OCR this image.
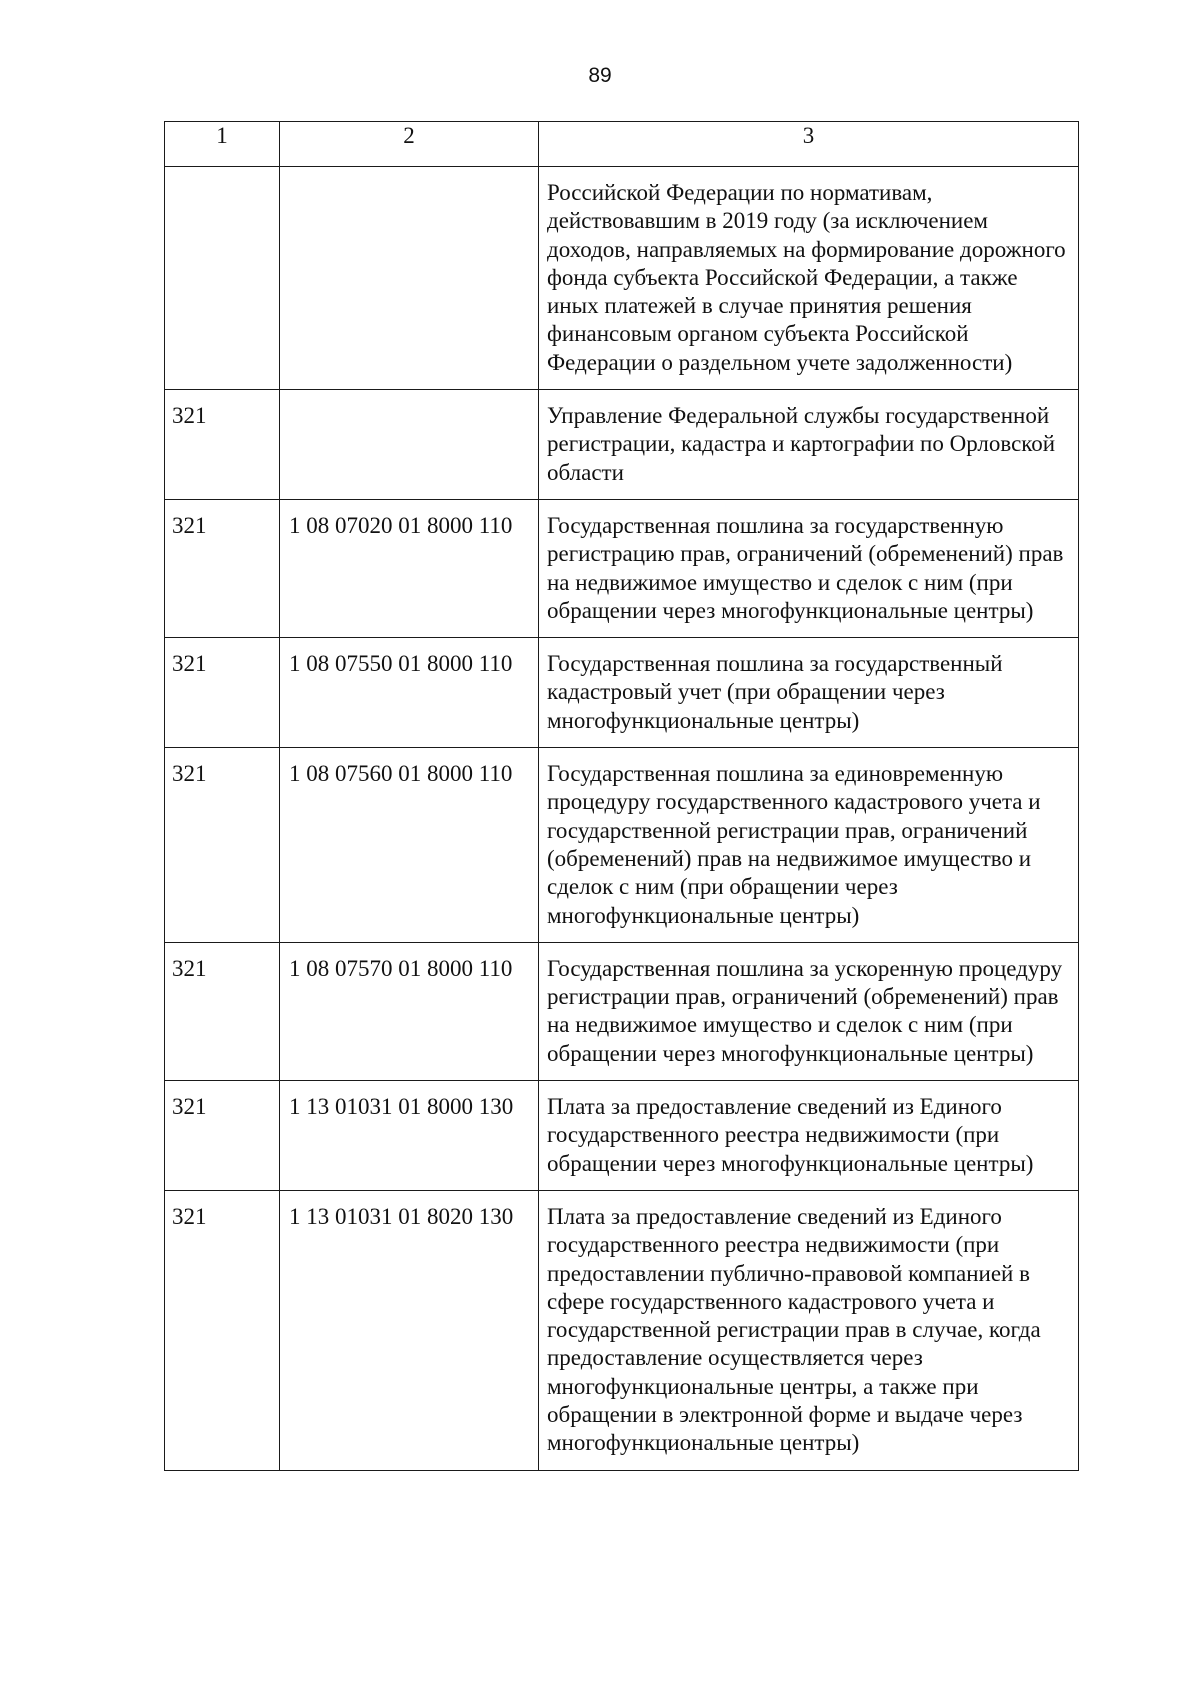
89
1	2	3
		Российской Федерации по нормативам, действовавшим в 2019 году (за исключением доходов, направляемых на формирование дорожного фонда субъекта Российской Федерации, а также иных платежей в случае принятия решения финансовым органом субъекта Российской Федерации о раздельном учете задолженности)
321		Управление Федеральной службы государственной регистрации, кадастра и картографии по Орловской области
321	1 08 07020 01 8000 110	Государственная пошлина за государственную регистрацию прав, ограничений (обременений) прав на недвижимое имущество и сделок с ним (при обращении через многофункциональные центры)
321	1 08 07550 01 8000 110	Государственная пошлина за государственный кадастровый учет (при обращении через многофункциональные центры)
321	1 08 07560 01 8000 110	Государственная пошлина за единовременную процедуру государственного кадастрового учета и государственной регистрации прав, ограничений (обременений) прав на недвижимое имущество и сделок с ним (при обращении через многофункциональные центры)
321	1 08 07570 01 8000 110	Государственная пошлина за ускоренную процедуру регистрации прав, ограничений (обременений) прав на недвижимое имущество и сделок с ним (при обращении через многофункциональные центры)
321	1 13 01031 01 8000 130	Плата за предоставление сведений из Единого государственного реестра недвижимости (при обращении через многофункциональные центры)
321	1 13 01031 01 8020 130	Плата за предоставление сведений из Единого государственного реестра недвижимости (при предоставлении публично-правовой компанией в сфере государственного кадастрового учета и государственной регистрации прав в случае, когда предоставление осуществляется через многофункциональные центры, а также при обращении в электронной форме и выдаче через многофункциональные центры)
